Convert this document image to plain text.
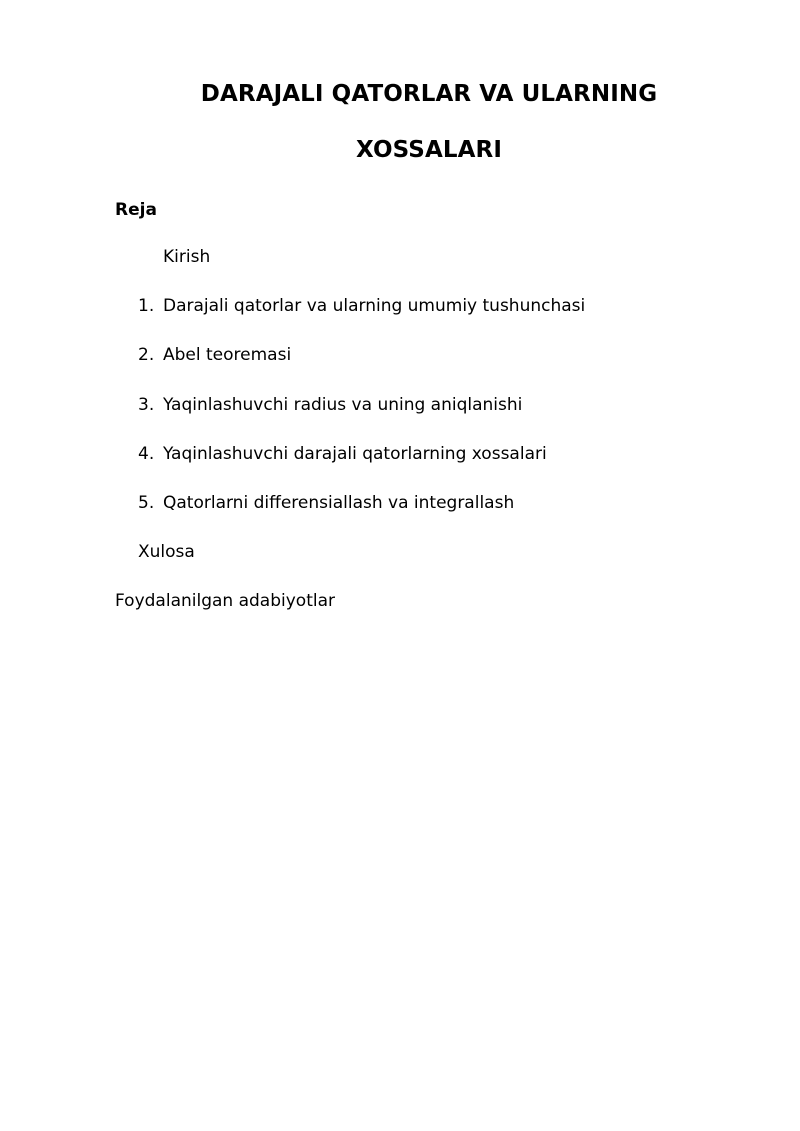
DARAJALI QATORLAR VA ULARNING
XOSSALARI
Reja
Kirish
1. Darajali qatorlar va ularning umumiy tushunchasi
2. Abel teoremasi
3. Yaqinlashuvchi radius va uning aniqlanishi
4. Yaqinlashuvchi darajali qatorlarning xossalari
5. Qatorlarni differensiallash va integrallash
Xulosa
Foydalanilgan adabiyotlar
